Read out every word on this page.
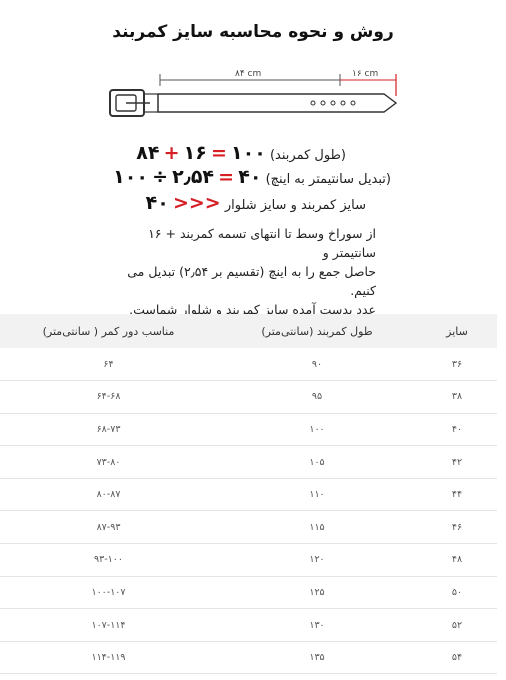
روش و نحوه محاسبه سایز کمربند
۸۴ cm	۱۶ cm
(طول کمربند) ۱۰۰ = ۱۶ + ۸۴
(تبدیل سانتیمتر به اینچ) ۴۰ = ۲٫۵۴ ÷ ۱۰۰
سایز کمربند و سایز شلوار <<< ۴۰
از سوراخ وسط تا انتهای تسمه کمربند + ۱۶ سانتیمتر و
حاصل جمع را به اینچ (تقسیم بر ۲٫۵۴) تبدیل می کنیم.
عدد بدست آمده سایز کمربند و شلوار شماست.
سایز	طول کمربند (سانتی‌متر)	مناسب دور کمر ( سانتی‌متر)
۳۶	۹۰	۶۴
۳۸	۹۵	۶۴-۶۸
۴۰	۱۰۰	۶۸-۷۳
۴۲	۱۰۵	۷۳-۸۰
۴۴	۱۱۰	۸۰-۸۷
۴۶	۱۱۵	۸۷-۹۳
۴۸	۱۲۰	۹۳-۱۰۰
۵۰	۱۲۵	۱۰۰-۱۰۷
۵۲	۱۳۰	۱۰۷-۱۱۴
۵۴	۱۳۵	۱۱۴-۱۱۹
